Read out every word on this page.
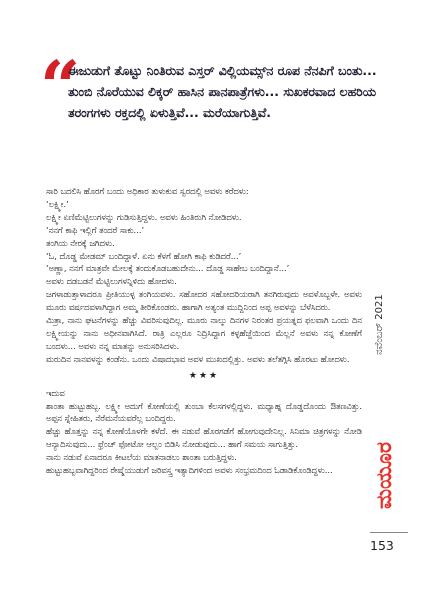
“
ಈಜುಡುಗೆ ತೊಟ್ಟು ನಿಂತಿರುವ ಎಸ್ತರ್ ವಿಲ್ಲಿಯಮ್ಸ್‌ನ ರೂಪ ನೆನಪಿಗೆ ಬಂತು... ತುಂಬಿ ನೊರೆಯುವ ಲಿಕ್ಕರ್ ಹಾಸಿನ ಪಾನಪಾತ್ರೆಗಳು... ಸುಖಕರವಾದ ಲಹರಿಯ ತರಂಗಗಳು ರಕ್ತದಲ್ಲಿ ಏಳುತ್ತಿವೆ... ಮರೆಯಾಗುತ್ತಿವೆ.

ಸಾರಿ ಬದಲಿಸಿ ಹೊರಗೆ ಬಂದು ಅಧಿಕಾರ ತುಳುಕುವ ಸ್ವರದಲ್ಲಿ ಅವಳು ಕರೆದಳು:

‘ಲಕ್ಷ್ಮೀ.’

ಲಕ್ಷ್ಮೀ ಏಣಿಮೆಟ್ಟಿಲುಗಳನ್ನು ಗುಡಿಸುತ್ತಿದ್ದಳು. ಅವಳು ಹಿಂತಿರುಗಿ ನೋಡಿದಳು.

‘ನನಗೆ ಕಾಫಿ ಇಲ್ಲಿಗೆ ತಂದರೆ ಸಾಕು...’

ತಂಗಿಯ ನೇರಕ್ಕೆ ಜಗಿದಳು.

‘ಓ, ದೊಡ್ಡ ಮೇಡಮ್ ಬಂದಿದ್ದಾಳೆ. ಏನು ಕೆಳಗೆ ಹೋಗಿ ಕಾಫಿ ಕುಡಿದರೆ...’

‘ಅಣ್ಣಾ, ನನಗೆ ಮಾತ್ರವೇ ಮೇಲಕ್ಕೆ ತಂದುಕೊಡಬಹುದೇನು... ದೊಡ್ಡ ಸಾಹೇಬ ಬಂದಿದ್ದಾನೆ...’

ಅವಳು ದಡಬಡನೆ ಮೆಟ್ಟಿಲುಗಳನ್ನಿಳಿದು ಹೋದಳು.

ಜಗಳಾಡುತ್ತಾಳಾದರೂ ಪ್ರೀತಿಯುಳ್ಳ ತಂಗಿಯವಳು. ಸಹೋದರ ಸಹೋದರಿಯರಾಗಿ ತನಗಿರುವುದು ಅವಳೊಬ್ಬಳೇ. ಅವಳು ಮೂರು ವರ್ಷದವಳಾಗಿದ್ದಾಗ ಅಮ್ಮ ತೀರಿಕೊಂಡರು. ಹಾಗಾಗಿ ಅತ್ಯಂತ ಮುದ್ದಿನಿಂದ ಅಪ್ಪ ಅವಳನ್ನು ಬೆಳೆಸಿದರು.

ಮಿತ್ರಾ, ನಾನು ಘಟನೆಗಳನ್ನು ಹೆಚ್ಚು ವಿವರಿಸುವುದಿಲ್ಲ. ಮೂರು ನಾಲ್ಕು ದಿನಗಳ ನಿರಂತರ ಪ್ರಯತ್ನದ ಫಲವಾಗಿ ಒಂದು ದಿನ ಲಕ್ಷ್ಮೀಯನ್ನು ನಾನು ಅಧೀನವಾಗಿಸಿದೆ. ರಾತ್ರಿ ಎಲ್ಲರೂ ನಿದ್ರಿಸಿದ್ದಾಗ ಕಳ್ಳಹೆಜ್ಜೆಯಿಂದ ಮೆಲ್ಲನೆ ಅವಳು ನನ್ನ ಕೋಣೆಗೆ ಬಂದಳು... ಅವಳು ನನ್ನ ಮಾತನ್ನು ಅನುಸರಿಸಿದಳು.

ಮರುದಿನ ನಾನವಳನ್ನು ಕಂಡೆನು. ಒಂದು ವಿಷಾದಭಾವ ಅವಳ ಮುಖದಲ್ಲಿತ್ತು. ಅವಳು ತಲೆತಗ್ಗಿಸಿ ಹೊರಟು ಹೋದಳು.

★★★

ಇದುವ

ಶಾಂತಾ ಹುಟ್ಟುಹಬ್ಬ. ಲಕ್ಷ್ಮೀ ಅದುಗೆ ಕೋಣೆಯಲ್ಲಿ ತುಂಬಾ ಕೆಲಸಗಳಲ್ಲಿದ್ದಳು. ಮಧ್ಯಾಹ್ನ ದೊಡ್ಡದೊಂದು ಔತಣವಿತ್ತು. ಅಪ್ಪನ ಸ್ನೇಹಿತರು, ನೆರೆಮನೆಯವರೆಲ್ಲ ಬಂದಿದ್ದರು.

ಹೆಚ್ಚು ಹೊತ್ತನ್ನು ನನ್ನ ಕೋಣೆಯೊಳಗೇ ಕಳೆದೆ. ಈ ನಡುವೆ ಹೊರಗಡೆಗೆ ಹೋಗುವುದೇನಿಲ್ಲ. ಸಿನಿಮಾ ಚಿತ್ರಗಳನ್ನು ನೋಡಿ ಆನ್ಯಾದಿಸುವುದು... ಫ್ರೆಂಚ್ ಫೋಟೋ ಆಲ್ಬಂ ಬಿಡಿಸಿ ನೋಡುವುದು... ಹಾಗೆ ಸಮಯ ಸಾಗುತ್ತಿತ್ತು.

ನಾನು ನಡುವೆ ಏನಾದರೂ ಕೀಟಲೆಯ ಮಾತನಾಡಲು ಶಾಂತಾ ಬರುತ್ತಿದ್ದಳು.

ಹುಟ್ಟುಹಬ್ಬವಾಗಿದ್ದರಿಂದ ರೇಷ್ಮೆಯುಡುಗೆ ಜರಿವಸ್ತ್ರ ಇತ್ಯಾದಿಗಳಿಂದ ಅವಳು ಸಂಭ್ರಮದಿಂದ ಓಡಾಡಿಕೊಂಡಿದ್ದಳು...

ನವೆಂಬರ್ 2021
ಮಯೂರ
153
